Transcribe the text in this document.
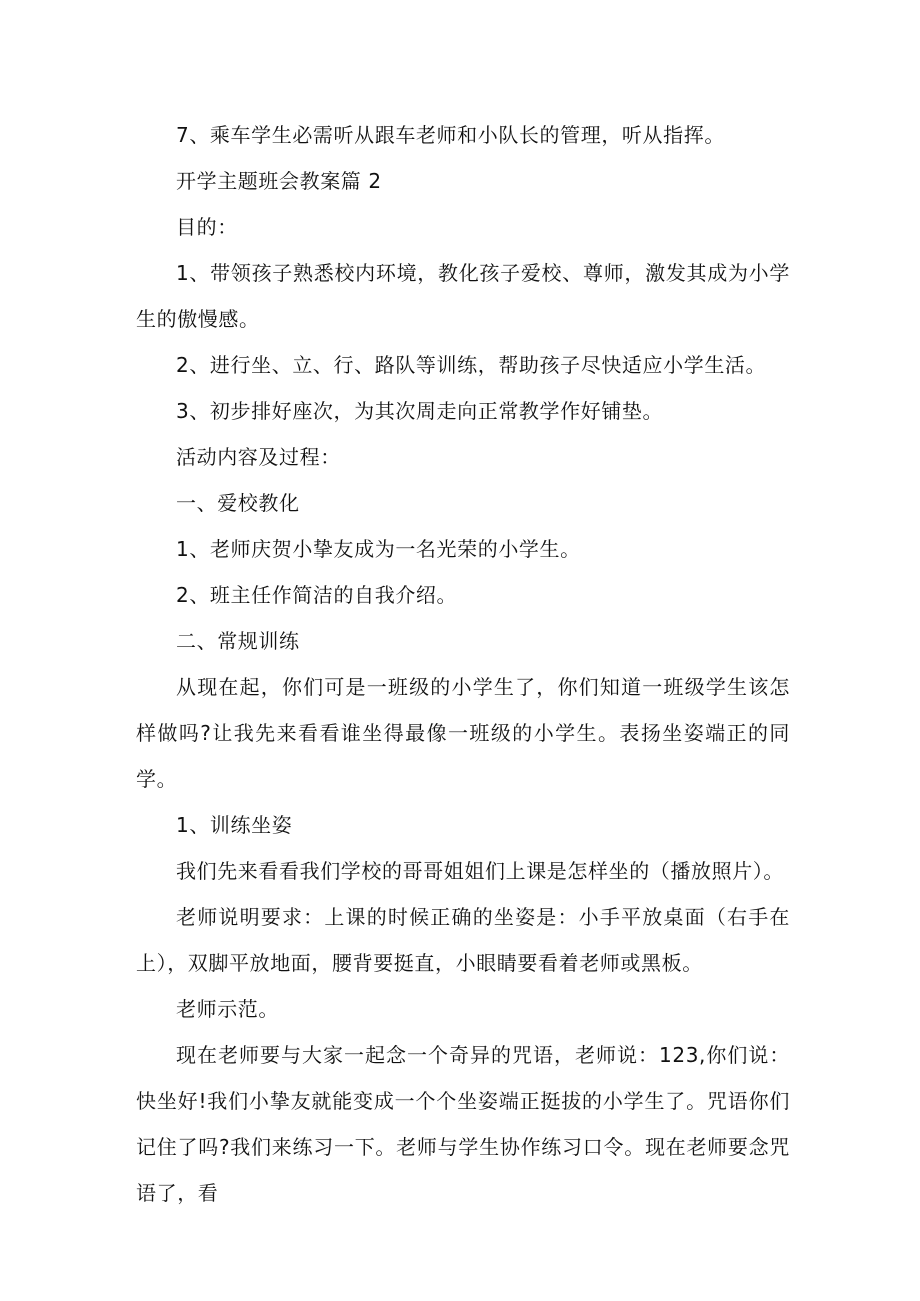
7、乘车学生必需听从跟车老师和小队长的管理，听从指挥。

开学主题班会教案篇 2

目的：

1、带领孩子熟悉校内环境，教化孩子爱校、尊师，激发其成为小学生的傲慢感。

2、进行坐、立、行、路队等训练，帮助孩子尽快适应小学生活。

3、初步排好座次，为其次周走向正常教学作好铺垫。

活动内容及过程：

一、爱校教化

1、老师庆贺小挚友成为一名光荣的小学生。

2、班主任作简洁的自我介绍。

二、常规训练

从现在起，你们可是一班级的小学生了，你们知道一班级学生该怎样做吗?让我先来看看谁坐得最像一班级的小学生。表扬坐姿端正的同学。

1、训练坐姿

我们先来看看我们学校的哥哥姐姐们上课是怎样坐的（播放照片）。

老师说明要求：上课的时候正确的坐姿是：小手平放桌面（右手在上），双脚平放地面，腰背要挺直，小眼睛要看着老师或黑板。

老师示范。

现在老师要与大家一起念一个奇异的咒语，老师说：123,你们说：快坐好!我们小挚友就能变成一个个坐姿端正挺拔的小学生了。咒语你们记住了吗?我们来练习一下。老师与学生协作练习口令。现在老师要念咒语了，看
